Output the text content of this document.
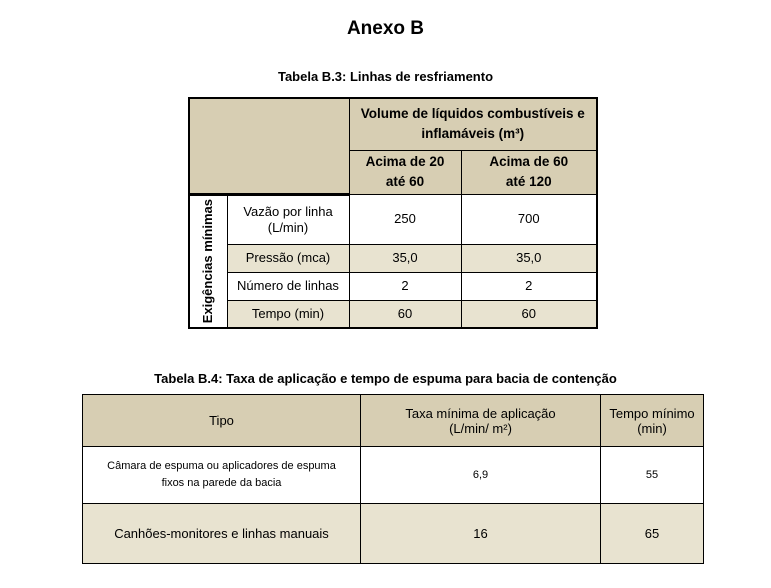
Anexo B
Tabela B.3: Linhas de resfriamento
		Volume de líquidos combustíveis e inflamáveis (m³)	
		Acima de 20 até 60	Acima de 60 até 120

Exigências mínimas	Vazão por linha (L/min)	250	700
	Pressão (mca)	35,0	35,0
	Número de linhas	2	2
	Tempo (min)	60	60
Tabela B.4: Taxa de aplicação e tempo de espuma para bacia de contenção
Tipo	Taxa mínima de aplicação (L/min/ m²)	Tempo mínimo (min)
Câmara de espuma ou aplicadores de espuma fixos na parede da bacia	6,9	55
Canhões-monitores e linhas manuais	16	65
